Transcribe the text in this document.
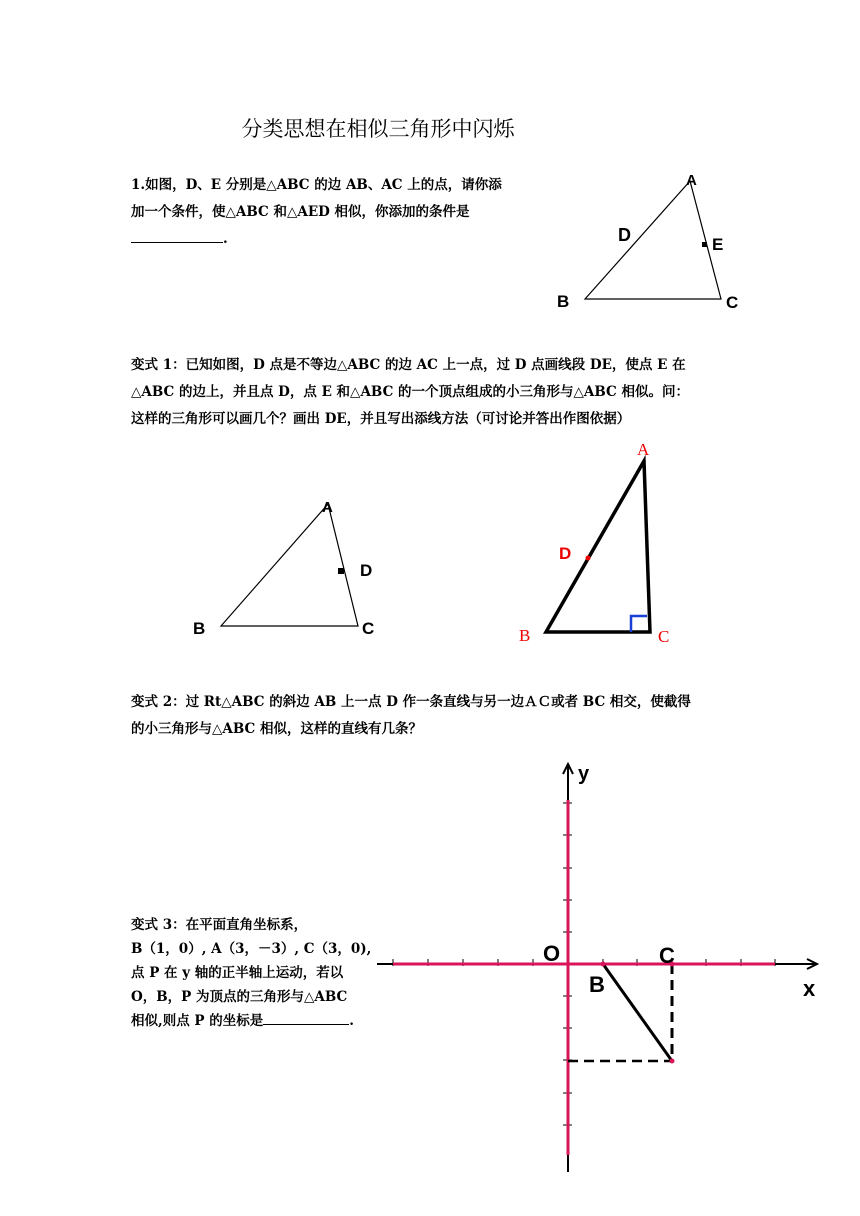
分类思想在相似三角形中闪烁
1.如图，D、E 分别是△ABC 的边 AB、AC 上的点，请你添
加一个条件，使△ABC 和△AED 相似，你添加的条件是
.
A
D	E
B	C
变式 1：已知如图，D 点是不等边△ABC 的边 AC 上一点，过 D 点画线段 DE，使点 E 在
△ABC 的边上，并且点 D，点 E 和△ABC 的一个顶点组成的小三角形与△ABC 相似。问：
这样的三角形可以画几个？画出 DE，并且写出添线方法（可讨论并答出作图依据）
A
D
B	C
A
D
B	C
变式 2：过 Rt△ABC 的斜边 AB 上一点 D 作一条直线与另一边ＡＣ或者 BC 相交，使截得
的小三角形与△ABC 相似，这样的直线有几条？
变式 3：在平面直角坐标系，
B（1，0）, A（3，－3）, C（3，0),
点 P 在 y 轴的正半轴上运动，若以
O，B，P 为顶点的三角形与△ABC
相似,则点 P 的坐标是	.
y
x
O
B
C
